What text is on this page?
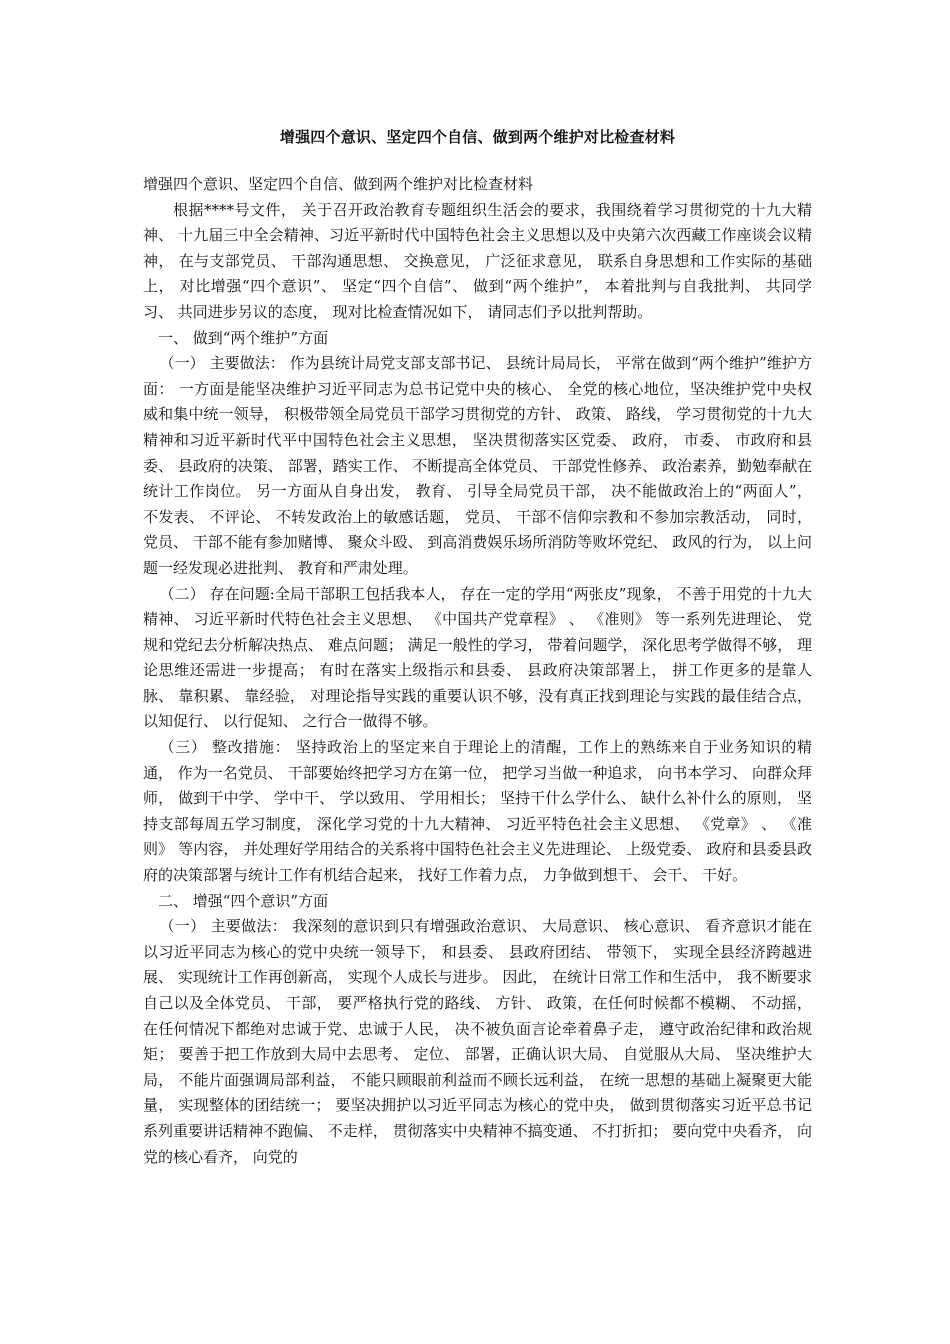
增强四个意识、坚定四个自信、做到两个维护对比检查材料

增强四个意识、坚定四个自信、做到两个维护对比检查材料

根据****号文件， 关于召开政治教育专题组织生活会的要求，我围绕着学习贯彻党的十九大精神、 十九届三中全会精神、习近平新时代中国特色社会主义思想以及中央第六次西藏工作座谈会议精神， 在与支部党员、 干部沟通思想、 交换意见， 广泛征求意见， 联系自身思想和工作实际的基础上， 对比增强“四个意识”、 坚定“四个自信”、 做到“两个维护”， 本着批判与自我批判、 共同学习、 共同进步另议的态度， 现对比检查情况如下， 请同志们予以批判帮助。

一、 做到“两个维护”方面

（一） 主要做法： 作为县统计局党支部支部书记、 县统计局局长， 平常在做到“两个维护”维护方面： 一方面是能坚决维护习近平同志为总书记党中央的核心、 全党的核心地位，坚决维护党中央权威和集中统一领导， 积极带领全局党员干部学习贯彻党的方针、 政策、 路线， 学习贯彻党的十九大精神和习近平新时代平中国特色社会主义思想， 坚决贯彻落实区党委、 政府， 市委、 市政府和县委、 县政府的决策、 部署，踏实工作、 不断提高全体党员、 干部党性修养、 政治素养，勤勉奉献在统计工作岗位。 另一方面从自身出发， 教育、 引导全局党员干部， 决不能做政治上的“两面人”， 不发表、 不评论、 不转发政治上的敏感话题， 党员、 干部不信仰宗教和不参加宗教活动， 同时， 党员、 干部不能有参加赌博、 聚众斗殴、 到高消费娱乐场所消防等败坏党纪、 政风的行为， 以上问题一经发现必进批判、 教育和严肃处理。

（二） 存在问题:全局干部职工包括我本人， 存在一定的学用“两张皮”现象， 不善于用党的十九大精神、 习近平新时代特色社会主义思想、 《中国共产党章程》 、 《准则》 等一系列先进理论、 党规和党纪去分析解决热点、 难点问题； 满足一般性的学习， 带着问题学， 深化思考学做得不够， 理论思维还需进一步提高； 有时在落实上级指示和县委、 县政府决策部署上， 拼工作更多的是靠人脉、 靠积累、 靠经验， 对理论指导实践的重要认识不够，没有真正找到理论与实践的最佳结合点， 以知促行、 以行促知、 之行合一做得不够。

（三） 整改措施： 坚持政治上的坚定来自于理论上的清醒，工作上的熟练来自于业务知识的精通， 作为一名党员、 干部要始终把学习方在第一位， 把学习当做一种追求， 向书本学习、 向群众拜师， 做到干中学、 学中干、 学以致用、 学用相长； 坚持干什么学什么、 缺什么补什么的原则， 坚持支部每周五学习制度， 深化学习党的十九大精神、 习近平特色社会主义思想、 《党章》 、 《准则》 等内容， 并处理好学用结合的关系将中国特色社会主义先进理论、 上级党委、 政府和县委县政府的决策部署与统计工作有机结合起来， 找好工作着力点， 力争做到想干、 会干、 干好。

二、 增强“四个意识”方面

（一） 主要做法： 我深刻的意识到只有增强政治意识、 大局意识、 核心意识、 看齐意识才能在以习近平同志为核心的党中央统一领导下， 和县委、 县政府团结、 带领下， 实现全县经济跨越进展、 实现统计工作再创新高， 实现个人成长与进步。 因此， 在统计日常工作和生活中， 我不断要求自己以及全体党员、 干部， 要严格执行党的路线、 方针、 政策，在任何时候都不模糊、 不动摇， 在任何情况下都绝对忠诚于党、忠诚于人民， 决不被负面言论牵着鼻子走， 遵守政治纪律和政治规矩； 要善于把工作放到大局中去思考、 定位、 部署，正确认识大局、 自觉服从大局、 坚决维护大局， 不能片面强调局部利益， 不能只顾眼前利益而不顾长远利益， 在统一思想的基础上凝聚更大能量， 实现整体的团结统一； 要坚决拥护以习近平同志为核心的党中央， 做到贯彻落实习近平总书记系列重要讲话精神不跑偏、 不走样， 贯彻落实中央精神不搞变通、 不打折扣； 要向党中央看齐， 向党的核心看齐， 向党的
